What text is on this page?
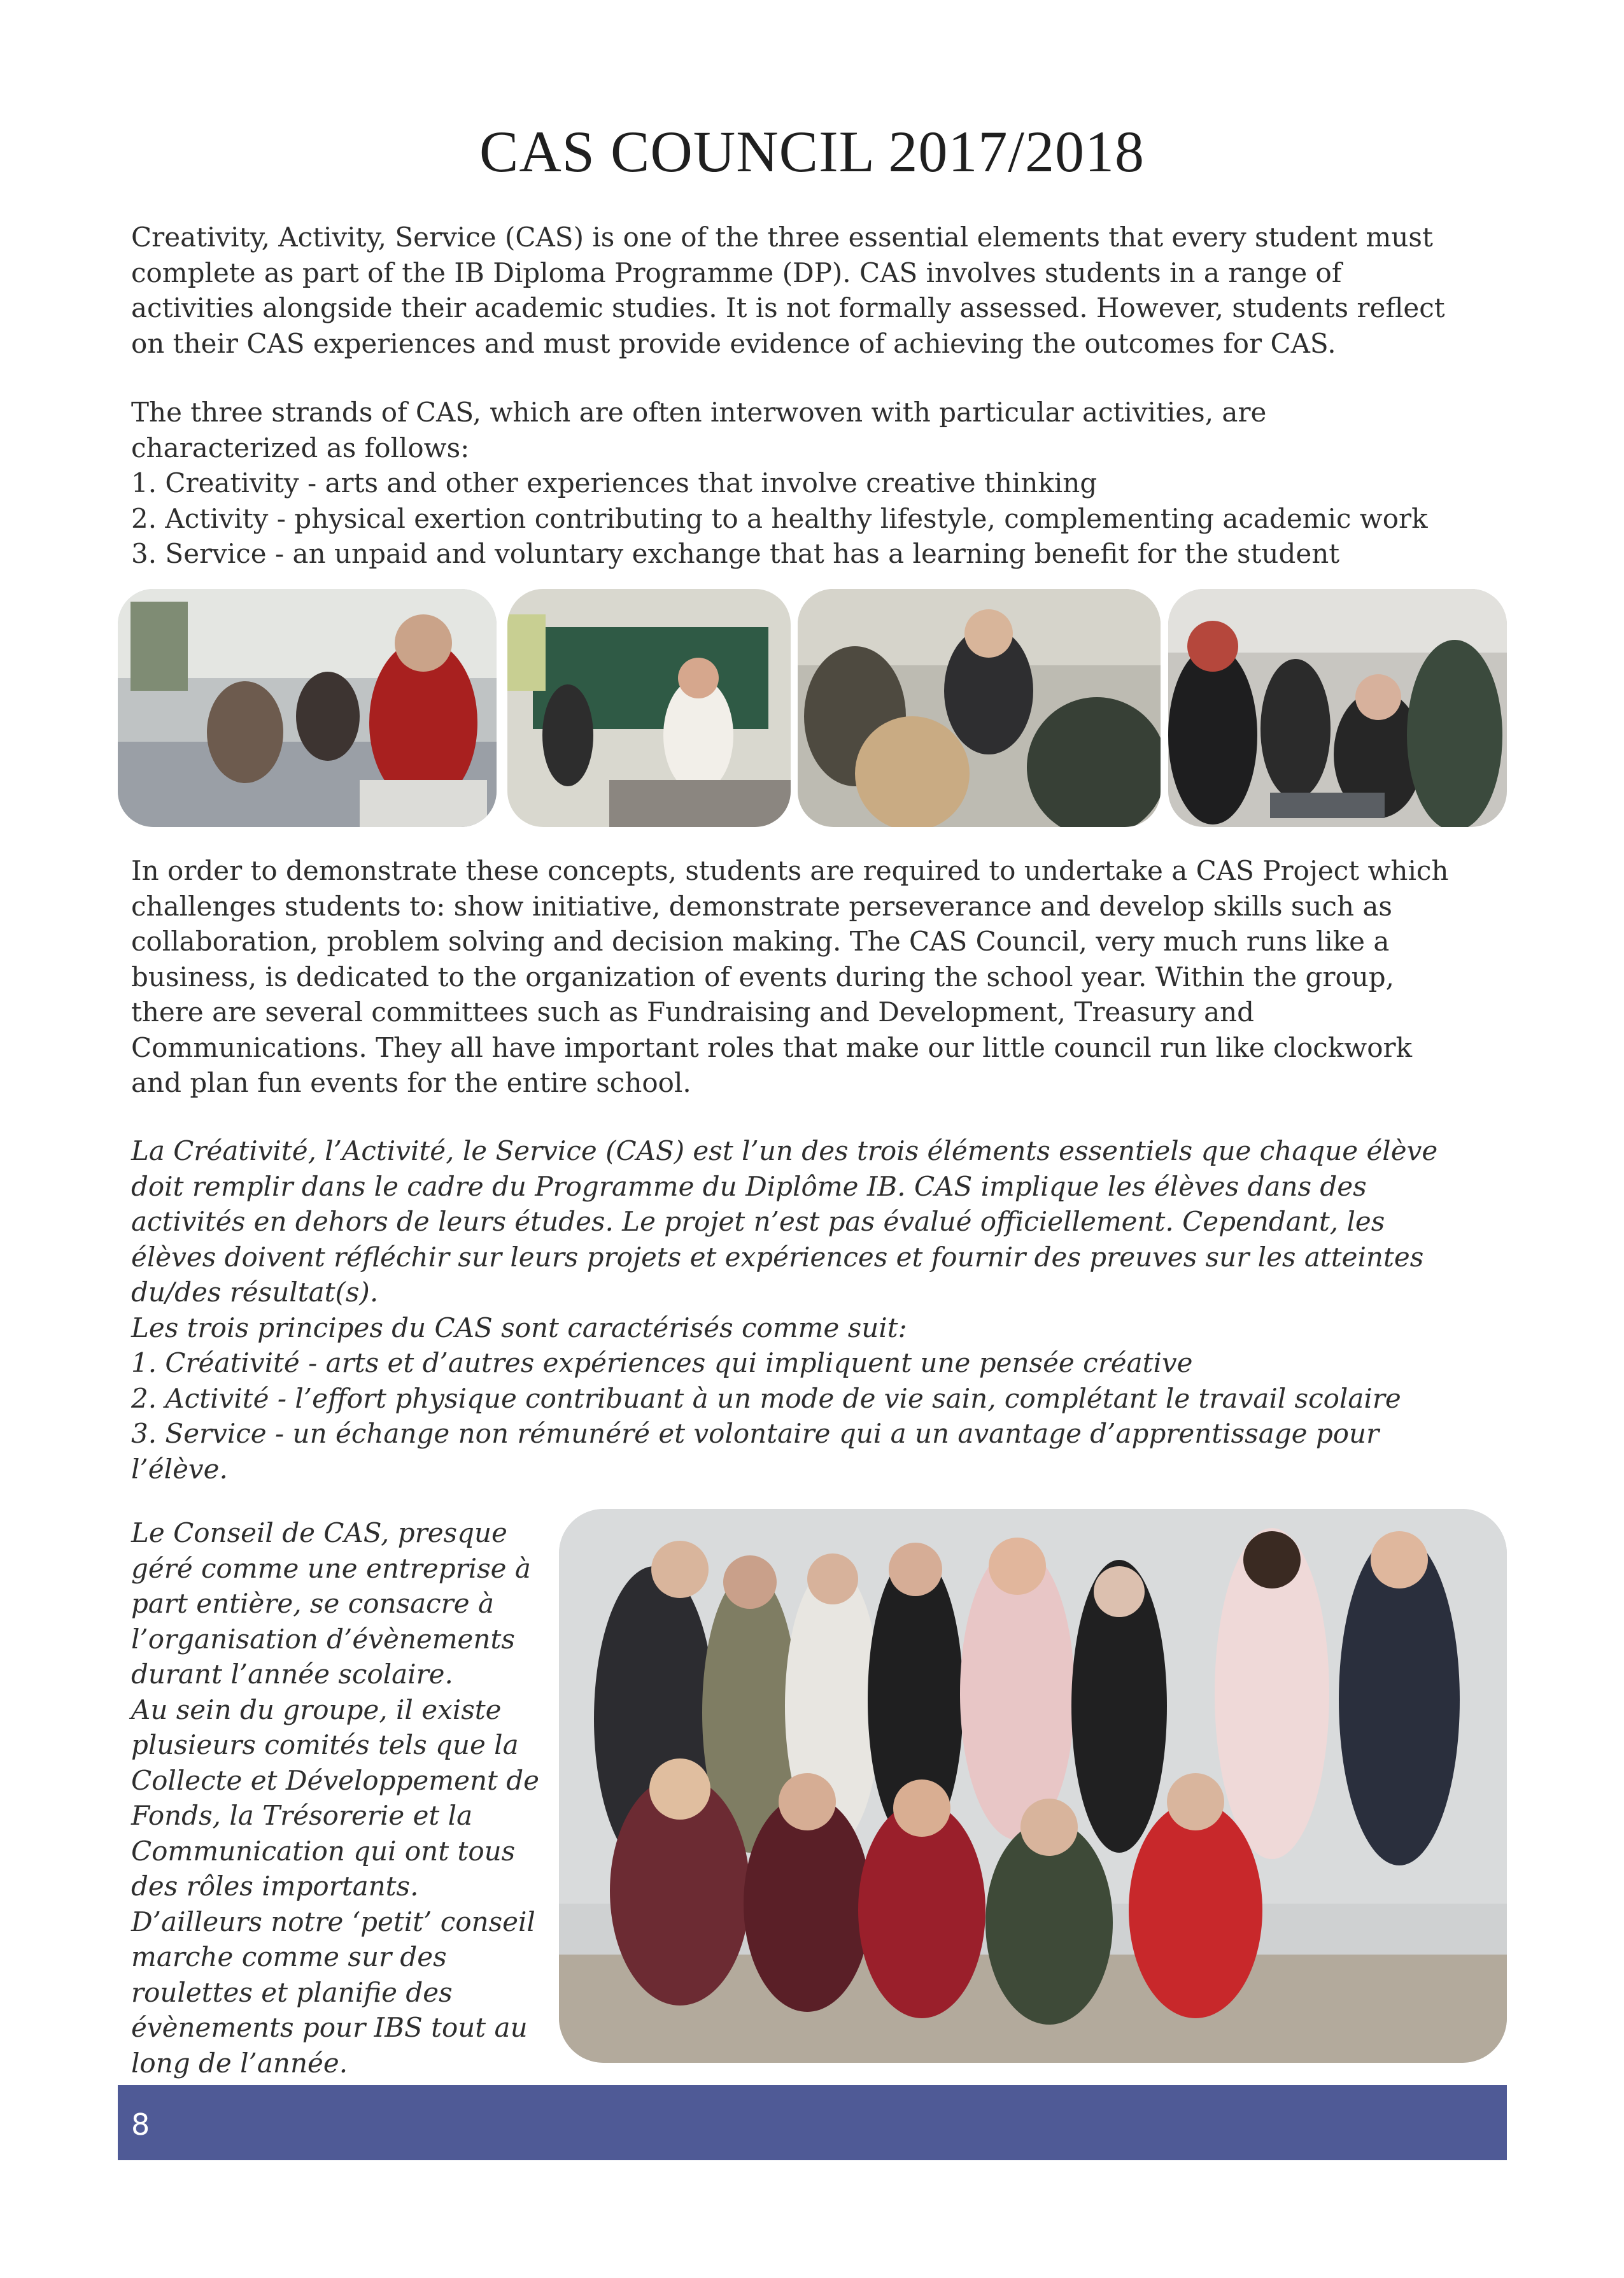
CAS COUNCIL 2017/2018

Creativity, Activity, Service (CAS) is one of the three essential elements that every student must
complete as part of the IB Diploma Programme (DP). CAS involves students in a range of
activities alongside their academic studies. It is not formally assessed. However, students reflect
on their CAS experiences and must provide evidence of achieving the outcomes for CAS.

The three strands of CAS, which are often interwoven with particular activities, are
characterized as follows:
1. Creativity - arts and other experiences that involve creative thinking
2. Activity - physical exertion contributing to a healthy lifestyle, complementing academic work
3. Service - an unpaid and voluntary exchange that has a learning benefit for the student

In order to demonstrate these concepts, students are required to undertake a CAS Project which
challenges students to: show initiative, demonstrate perseverance and develop skills such as
collaboration, problem solving and decision making. The CAS Council, very much runs like a
business, is dedicated to the organization of events during the school year. Within the group,
there are several committees such as Fundraising and Development, Treasury and
Communications. They all have important roles that make our little council run like clockwork
and plan fun events for the entire school.

La Créativité, l’Activité, le Service (CAS) est l’un des trois éléments essentiels que chaque élève
doit remplir dans le cadre du Programme du Diplôme IB. CAS implique les élèves dans des
activités en dehors de leurs études. Le projet n’est pas évalué officiellement. Cependant, les
élèves doivent réfléchir sur leurs projets et expériences et fournir des preuves sur les atteintes
du/des résultat(s).
Les trois principes du CAS sont caractérisés comme suit:
1. Créativité - arts et d’autres expériences qui impliquent une pensée créative
2. Activité - l’effort physique contribuant à un mode de vie sain, complétant le travail scolaire
3. Service - un échange non rémunéré et volontaire qui a un avantage d’apprentissage pour
l’élève.

Le Conseil de CAS, presque
géré comme une entreprise à
part entière, se consacre à
l’organisation d’évènements
durant l’année scolaire.
Au sein du groupe, il existe
plusieurs comités tels que la
Collecte et Développement de
Fonds, la Trésorerie et la
Communication qui ont tous
des rôles importants.
D’ailleurs notre ‘petit’ conseil
marche comme sur des
roulettes et planifie des
évènements pour IBS tout au
long de l’année.

8
